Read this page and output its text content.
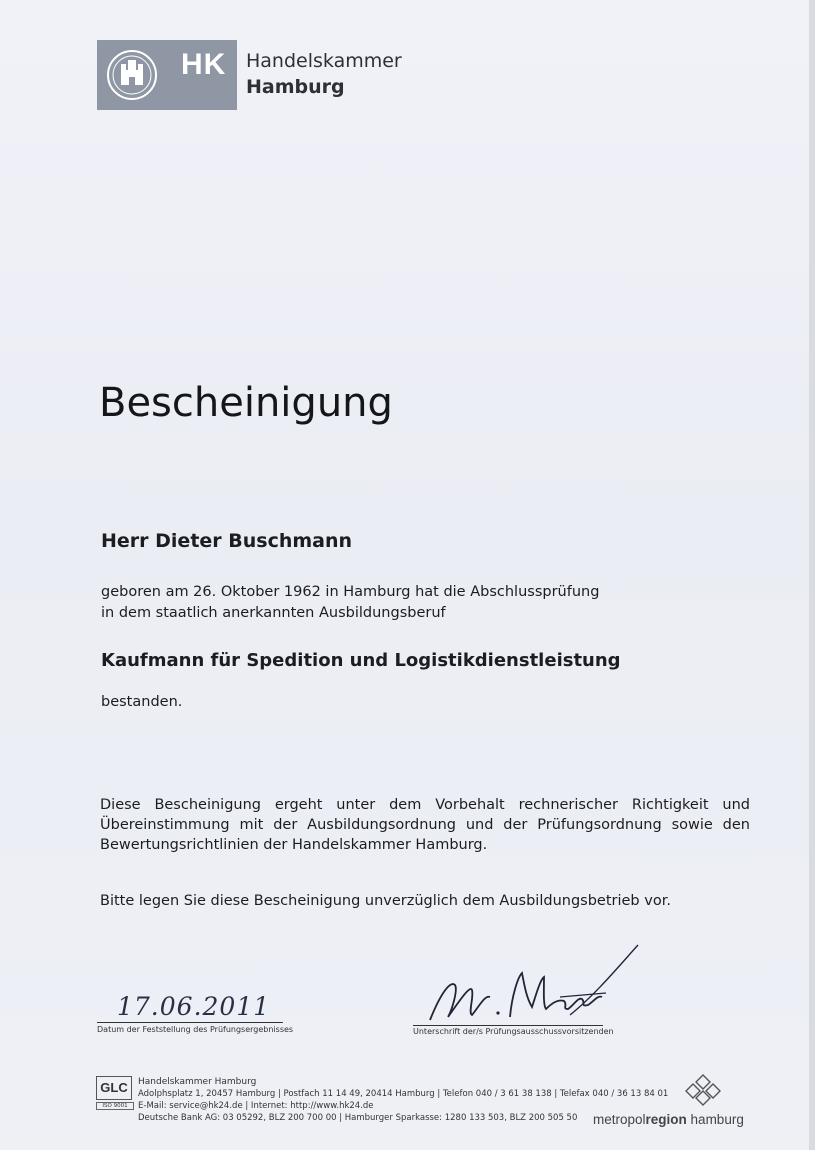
HK Handelskammer
Hamburg
Bescheinigung
Herr Dieter Buschmann
geboren am 26. Oktober 1962 in Hamburg hat die Abschlussprüfung
in dem staatlich anerkannten Ausbildungsberuf
Kaufmann für Spedition und Logistikdienstleistung
bestanden.
Diese Bescheinigung ergeht unter dem Vorbehalt rechnerischer Richtigkeit und Übereinstimmung mit der Ausbildungsordnung und der Prüfungsordnung sowie den Bewertungsrichtlinien der Handelskammer Hamburg.
Bitte legen Sie diese Bescheinigung unverzüglich dem Ausbildungsbetrieb vor.
17.06.2011
Datum der Feststellung des Prüfungsergebnisses	Unterschrift der/s Prüfungsausschussvorsitzenden
GLC
ISO 9001
Handelskammer Hamburg
Adolphsplatz 1, 20457 Hamburg | Postfach 11 14 49, 20414 Hamburg | Telefon 040 / 3 61 38 138 | Telefax 040 / 36 13 84 01
E-Mail: service@hk24.de | Internet: http://www.hk24.de
Deutsche Bank AG: 03 05292, BLZ 200 700 00 | Hamburger Sparkasse: 1280 133 503, BLZ 200 505 50	metropolregion hamburg
